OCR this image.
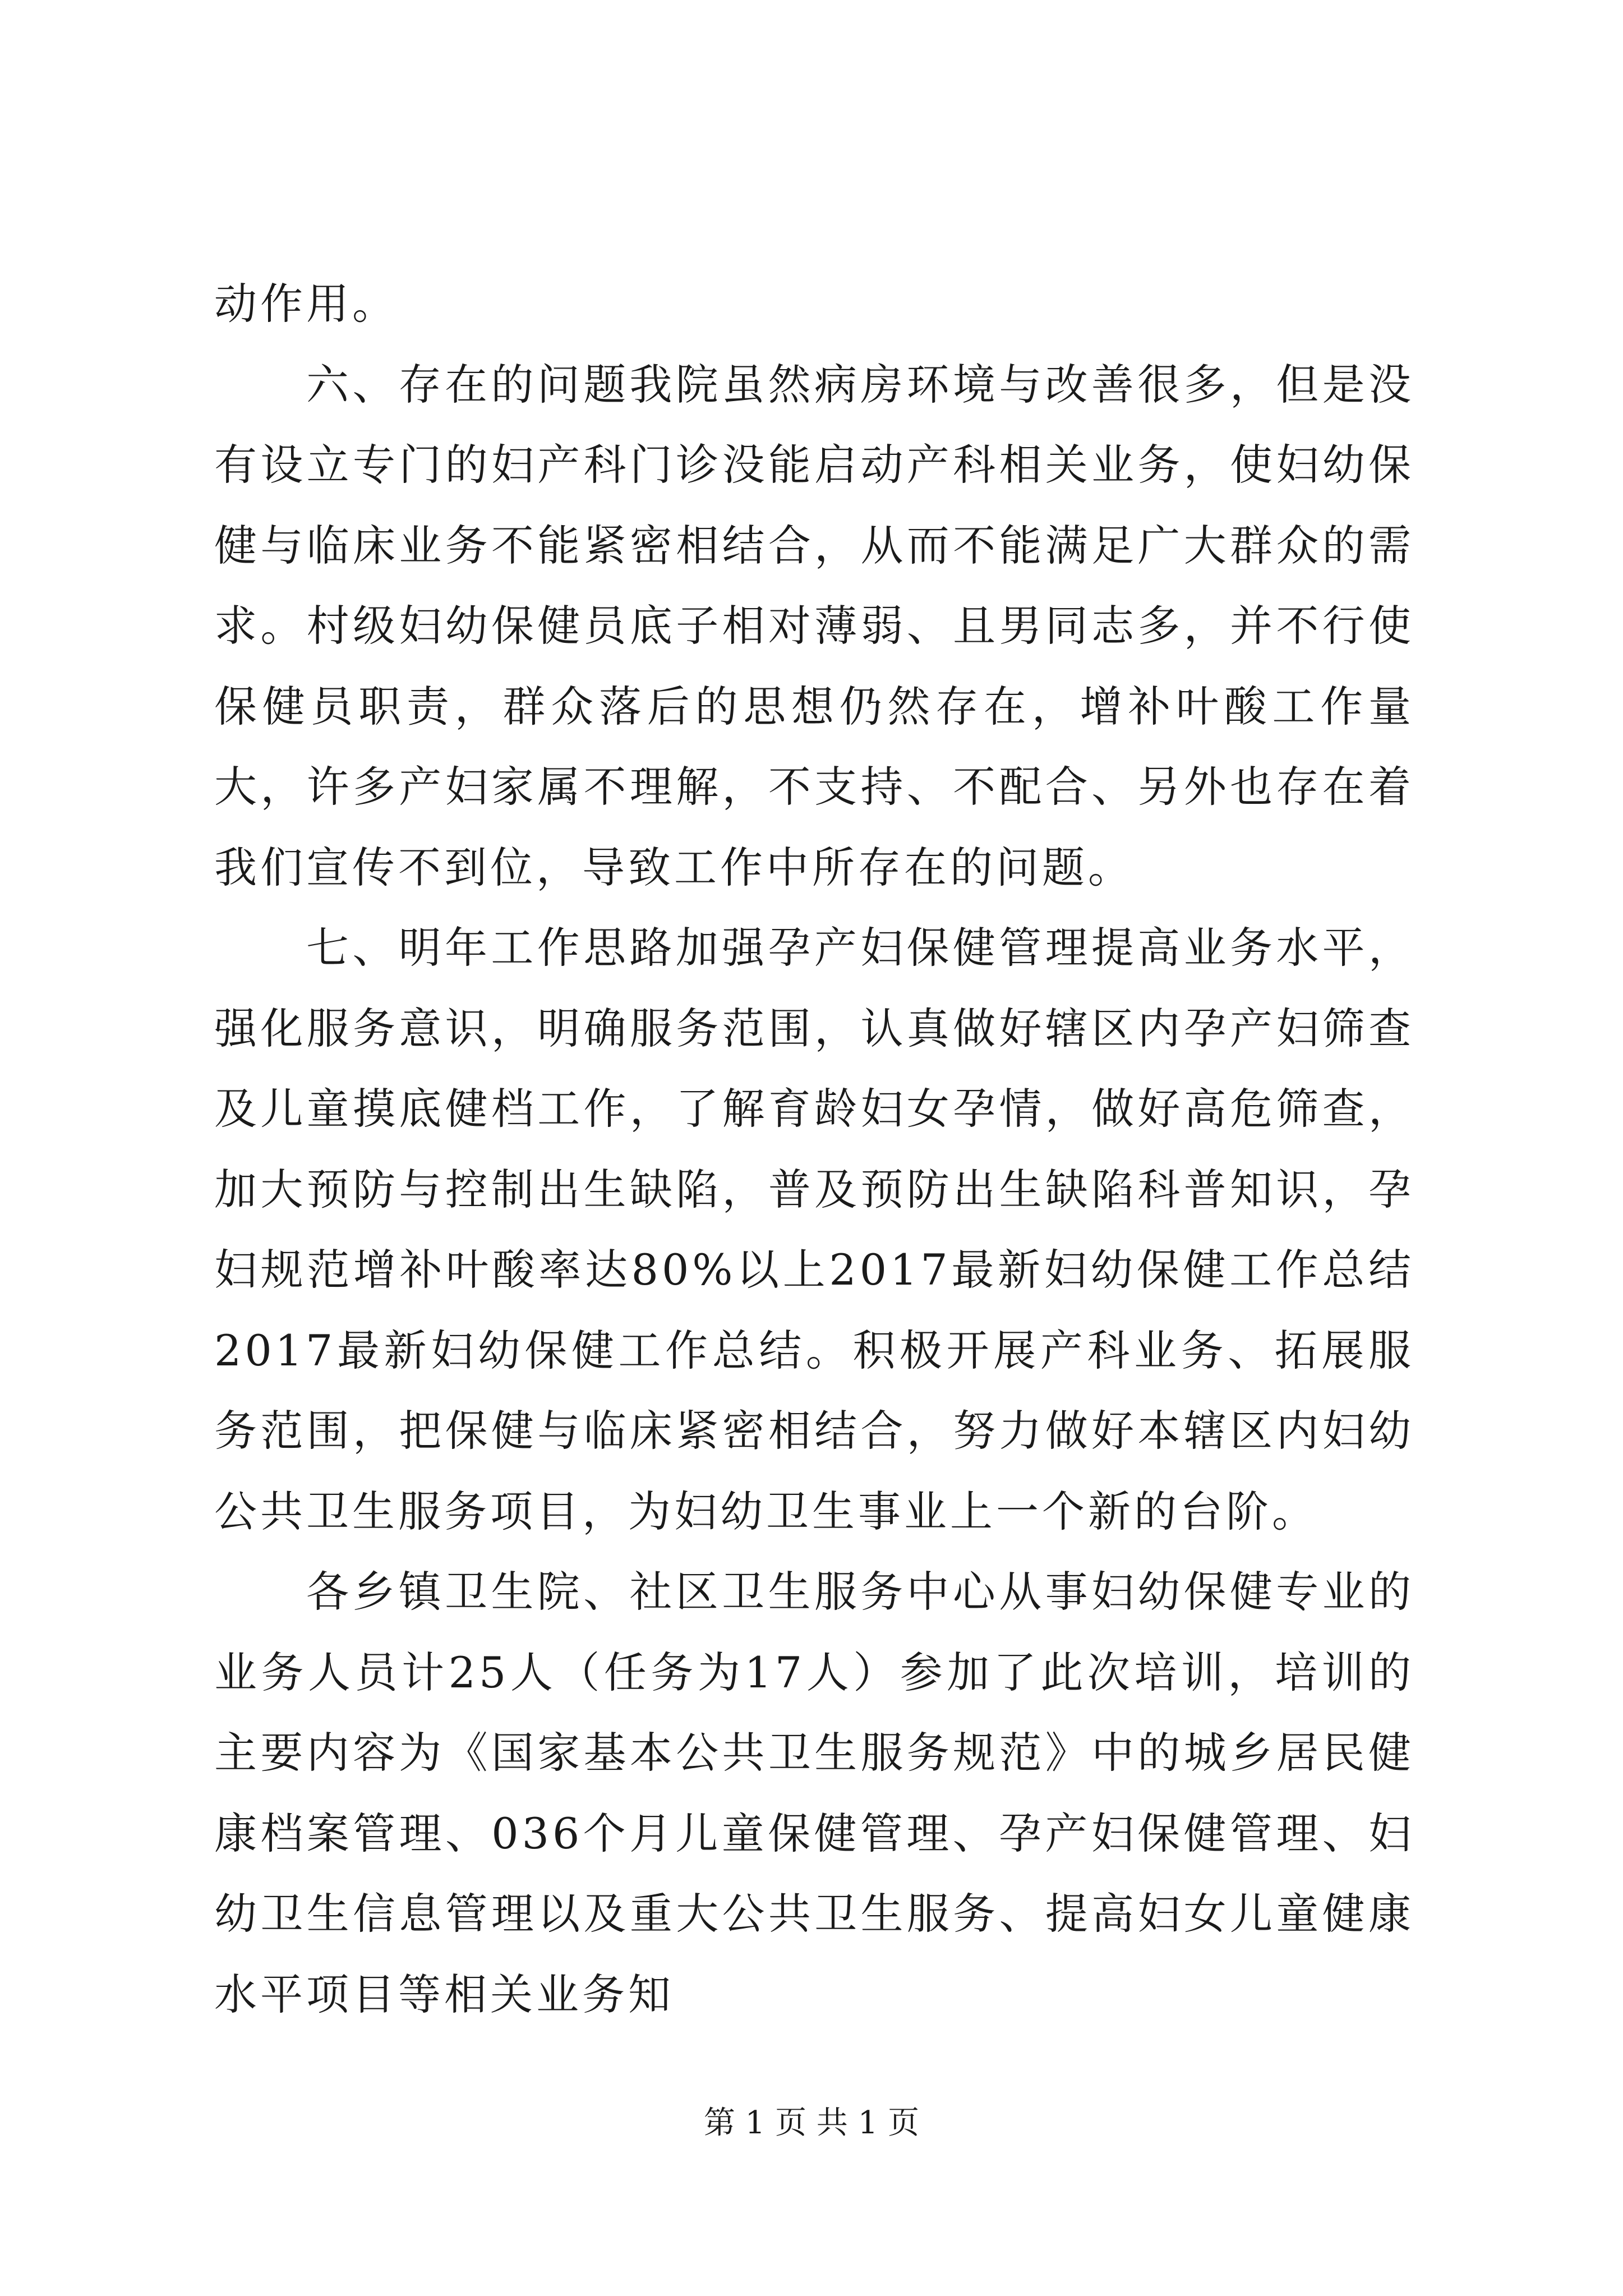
动作用。

六、存在的问题我院虽然病房环境与改善很多，但是没有设立专门的妇产科门诊没能启动产科相关业务，使妇幼保健与临床业务不能紧密相结合，从而不能满足广大群众的需求。村级妇幼保健员底子相对薄弱、且男同志多，并不行使保健员职责，群众落后的思想仍然存在，增补叶酸工作量大，许多产妇家属不理解，不支持、不配合、另外也存在着我们宣传不到位，导致工作中所存在的问题。

七、明年工作思路加强孕产妇保健管理提高业务水平，强化服务意识，明确服务范围，认真做好辖区内孕产妇筛查及儿童摸底健档工作，了解育龄妇女孕情，做好高危筛查，加大预防与控制出生缺陷，普及预防出生缺陷科普知识，孕妇规范增补叶酸率达80%以上2017最新妇幼保健工作总结2017最新妇幼保健工作总结。积极开展产科业务、拓展服务范围，把保健与临床紧密相结合，努力做好本辖区内妇幼公共卫生服务项目，为妇幼卫生事业上一个新的台阶。

各乡镇卫生院、社区卫生服务中心从事妇幼保健专业的业务人员计25人（任务为17人）参加了此次培训，培训的主要内容为《国家基本公共卫生服务规范》中的城乡居民健康档案管理、036个月儿童保健管理、孕产妇保健管理、妇幼卫生信息管理以及重大公共卫生服务、提高妇女儿童健康水平项目等相关业务知

第 1 页 共 1 页
